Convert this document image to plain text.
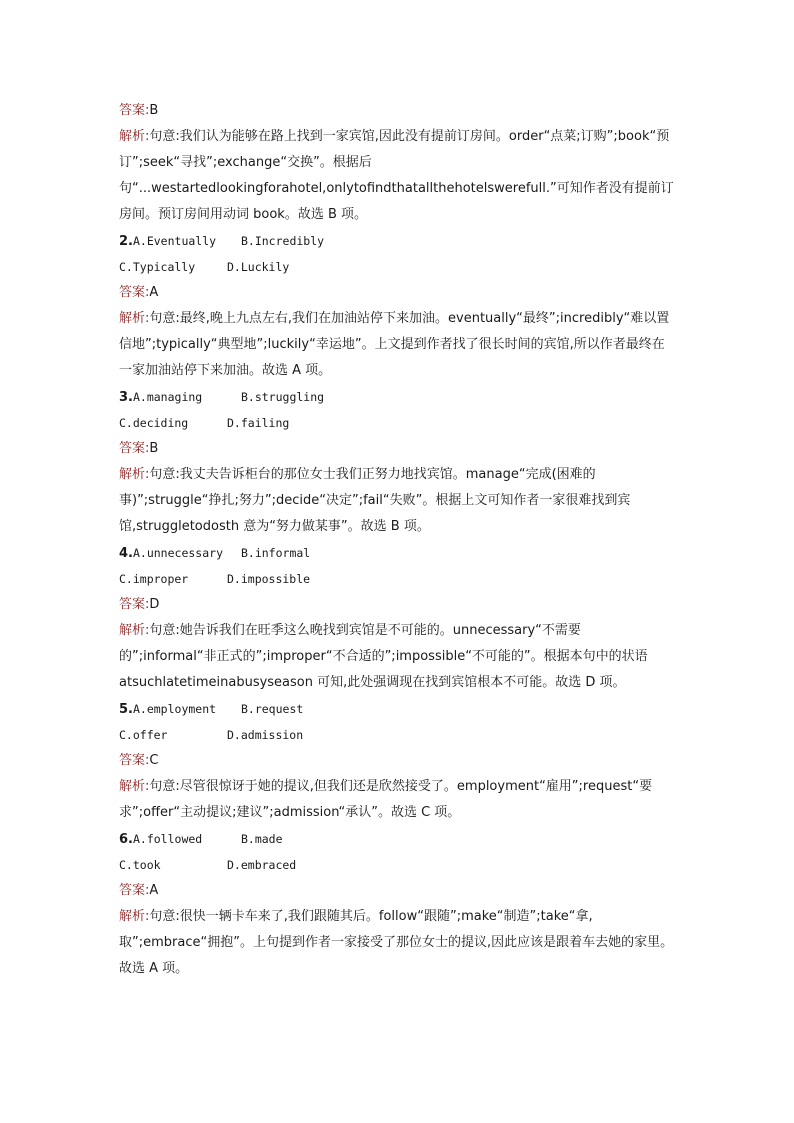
答案:B
解析:句意:我们认为能够在路上找到一家宾馆,因此没有提前订房间。order“点菜;订购”;book“预订”;seek“寻找”;exchange“交换”。根据后句“...westartedlookingforahotel,onlytofindthatallthehotelswerefull.”可知作者没有提前订房间。预订房间用动词 book。故选 B 项。
2.A.Eventually B.Incredibly
C.Typically	D.Luckily
答案:A
解析:句意:最终,晚上九点左右,我们在加油站停下来加油。eventually“最终”;incredibly“难以置信地”;typically“典型地”;luckily“幸运地”。上文提到作者找了很长时间的宾馆,所以作者最终在一家加油站停下来加油。故选 A 项。
3.A.managing	B.struggling
C.deciding	D.failing
答案:B
解析:句意:我丈夫告诉柜台的那位女士我们正努力地找宾馆。manage“完成(困难的事)”;struggle“挣扎;努力”;decide“决定”;fail“失败”。根据上文可知作者一家很难找到宾馆,struggletodosth 意为“努力做某事”。故选 B 项。
4.A.unnecessary B.informal
C.improper	D.impossible
答案:D
解析:句意:她告诉我们在旺季这么晚找到宾馆是不可能的。unnecessary“不需要的”;informal“非正式的”;improper“不合适的”;impossible“不可能的”。根据本句中的状语 atsuchlatetimeinabusyseason 可知,此处强调现在找到宾馆根本不可能。故选 D 项。
5.A.employment B.request
C.offer	D.admission
答案:C
解析:句意:尽管很惊讶于她的提议,但我们还是欣然接受了。employment“雇用”;request“要求”;offer“主动提议;建议”;admission“承认”。故选 C 项。
6.A.followed	B.made
C.took	D.embraced
答案:A
解析:句意:很快一辆卡车来了,我们跟随其后。follow“跟随”;make“制造”;take“拿,取”;embrace“拥抱”。上句提到作者一家接受了那位女士的提议,因此应该是跟着车去她的家里。故选 A 项。
